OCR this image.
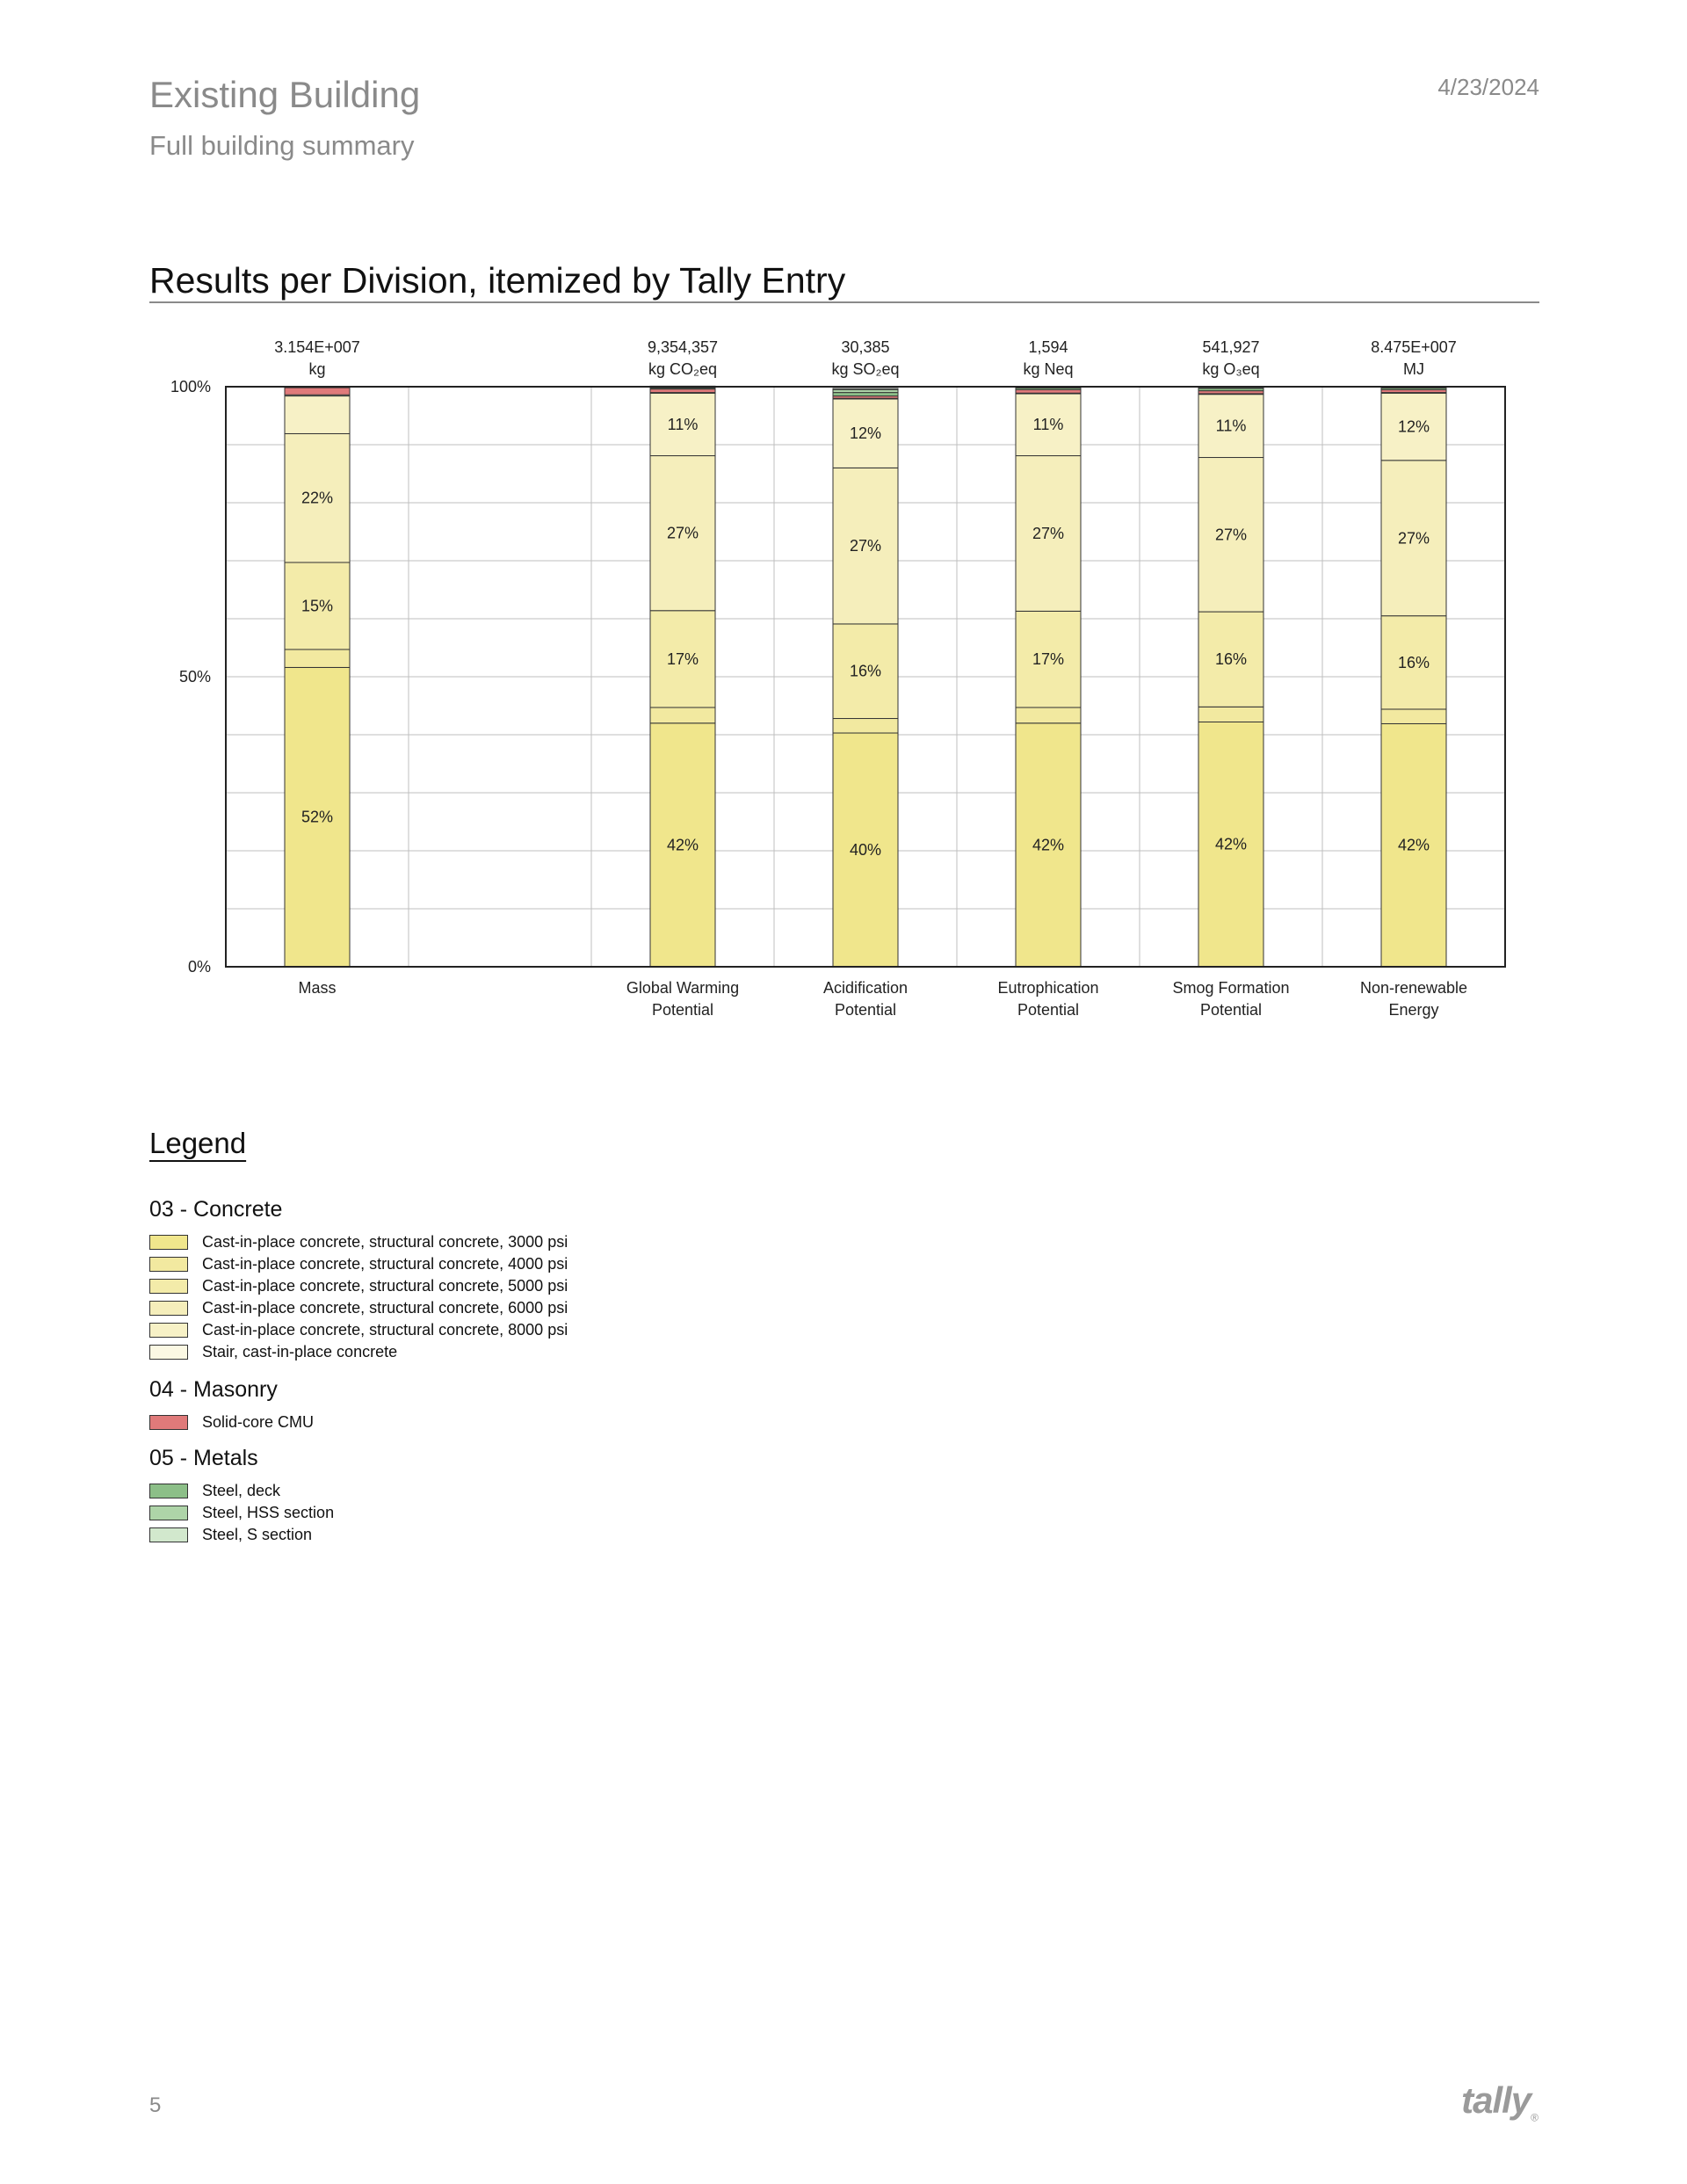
Existing Building
Full building summary
4/23/2024
Results per Division, itemized by Tally Entry
52%
15%
22%
3.154E+007
kg
42%
17%
27%
11%
9,354,357
kg CO₂eq
40%
16%
27%
12%
30,385
kg SO₂eq
42%
17%
27%
11%
1,594
kg Neq
42%
16%
27%
11%
541,927
kg O₃eq
42%
16%
27%
12%
8.475E+007
MJ
Mass	Global Warming
Potential
Acidification
Potential
Eutrophication
Potential
Smog Formation
Potential
Non-renewable
Energy
0%
50%
100%
Legend
03 - Concrete
Cast-in-place concrete, structural concrete, 3000 psi
Cast-in-place concrete, structural concrete, 4000 psi
Cast-in-place concrete, structural concrete, 5000 psi
Cast-in-place concrete, structural concrete, 6000 psi
Cast-in-place concrete, structural concrete, 8000 psi
Stair, cast-in-place concrete
04 - Masonry
Solid-core CMU
05 - Metals
Steel, deck
Steel, HSS section
Steel, S section
5	tally$_®$
